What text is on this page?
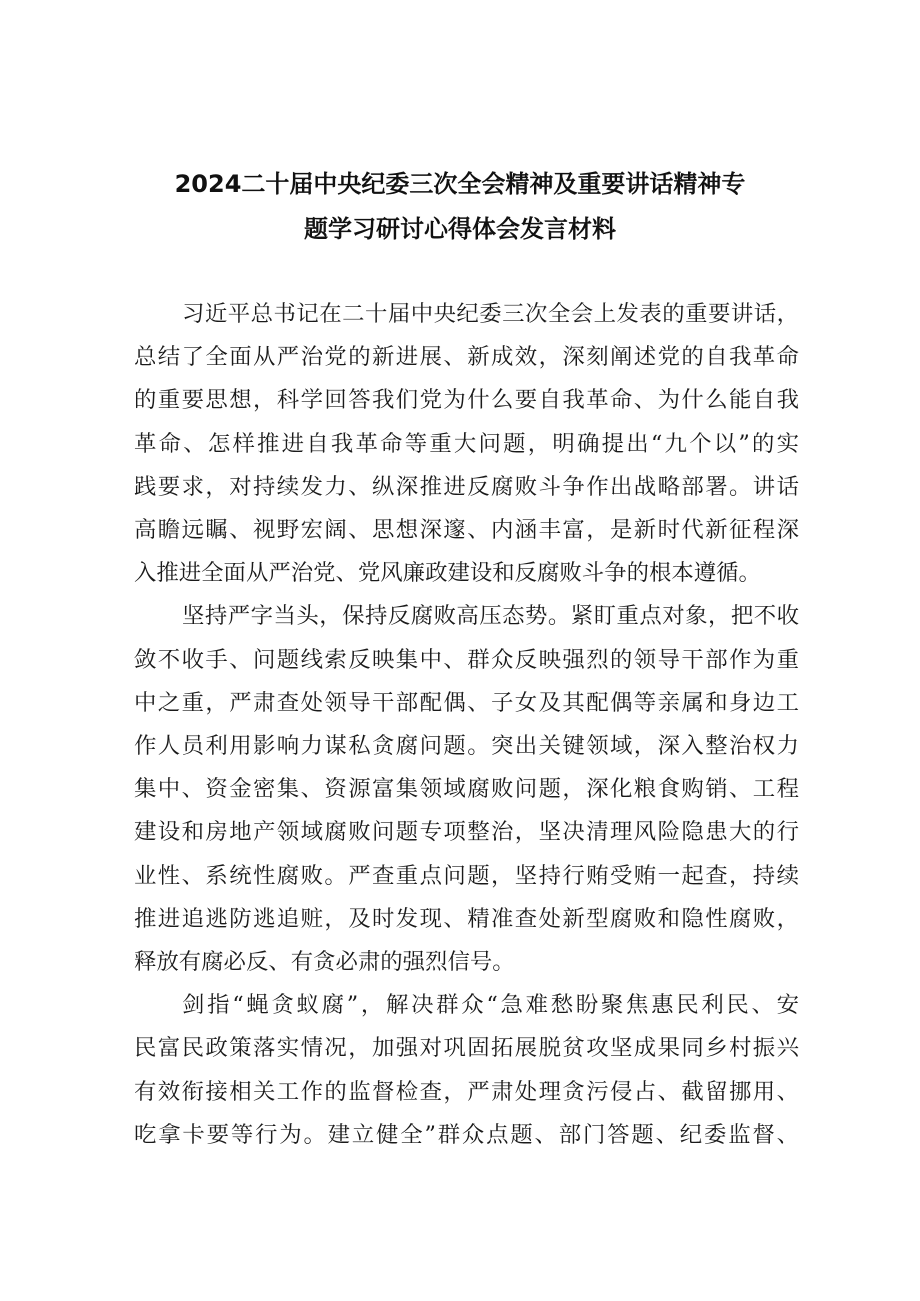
2024二十届中央纪委三次全会精神及重要讲话精神专
题学习研讨心得体会发言材料
习近平总书记在二十届中央纪委三次全会上发表的重要讲话，
总结了全面从严治党的新进展、新成效，深刻阐述党的自我革命
的重要思想，科学回答我们党为什么要自我革命、为什么能自我
革命、怎样推进自我革命等重大问题，明确提出“九个以”的实
践要求，对持续发力、纵深推进反腐败斗争作出战略部署。讲话
高瞻远瞩、视野宏阔、思想深邃、内涵丰富，是新时代新征程深
入推进全面从严治党、党风廉政建设和反腐败斗争的根本遵循。
坚持严字当头，保持反腐败高压态势。紧盯重点对象，把不收
敛不收手、问题线索反映集中、群众反映强烈的领导干部作为重
中之重，严肃查处领导干部配偶、子女及其配偶等亲属和身边工
作人员利用影响力谋私贪腐问题。突出关键领域，深入整治权力
集中、资金密集、资源富集领域腐败问题，深化粮食购销、工程
建设和房地产领域腐败问题专项整治，坚决清理风险隐患大的行
业性、系统性腐败。严查重点问题，坚持行贿受贿一起查，持续
推进追逃防逃追赃，及时发现、精准查处新型腐败和隐性腐败，
释放有腐必反、有贪必肃的强烈信号。
剑指“蝇贪蚁腐”，解决群众“急难愁盼聚焦惠民利民、安
民富民政策落实情况，加强对巩固拓展脱贫攻坚成果同乡村振兴
有效衔接相关工作的监督检查，严肃处理贪污侵占、截留挪用、
吃拿卡要等行为。建立健全”群众点题、部门答题、纪委监督、
